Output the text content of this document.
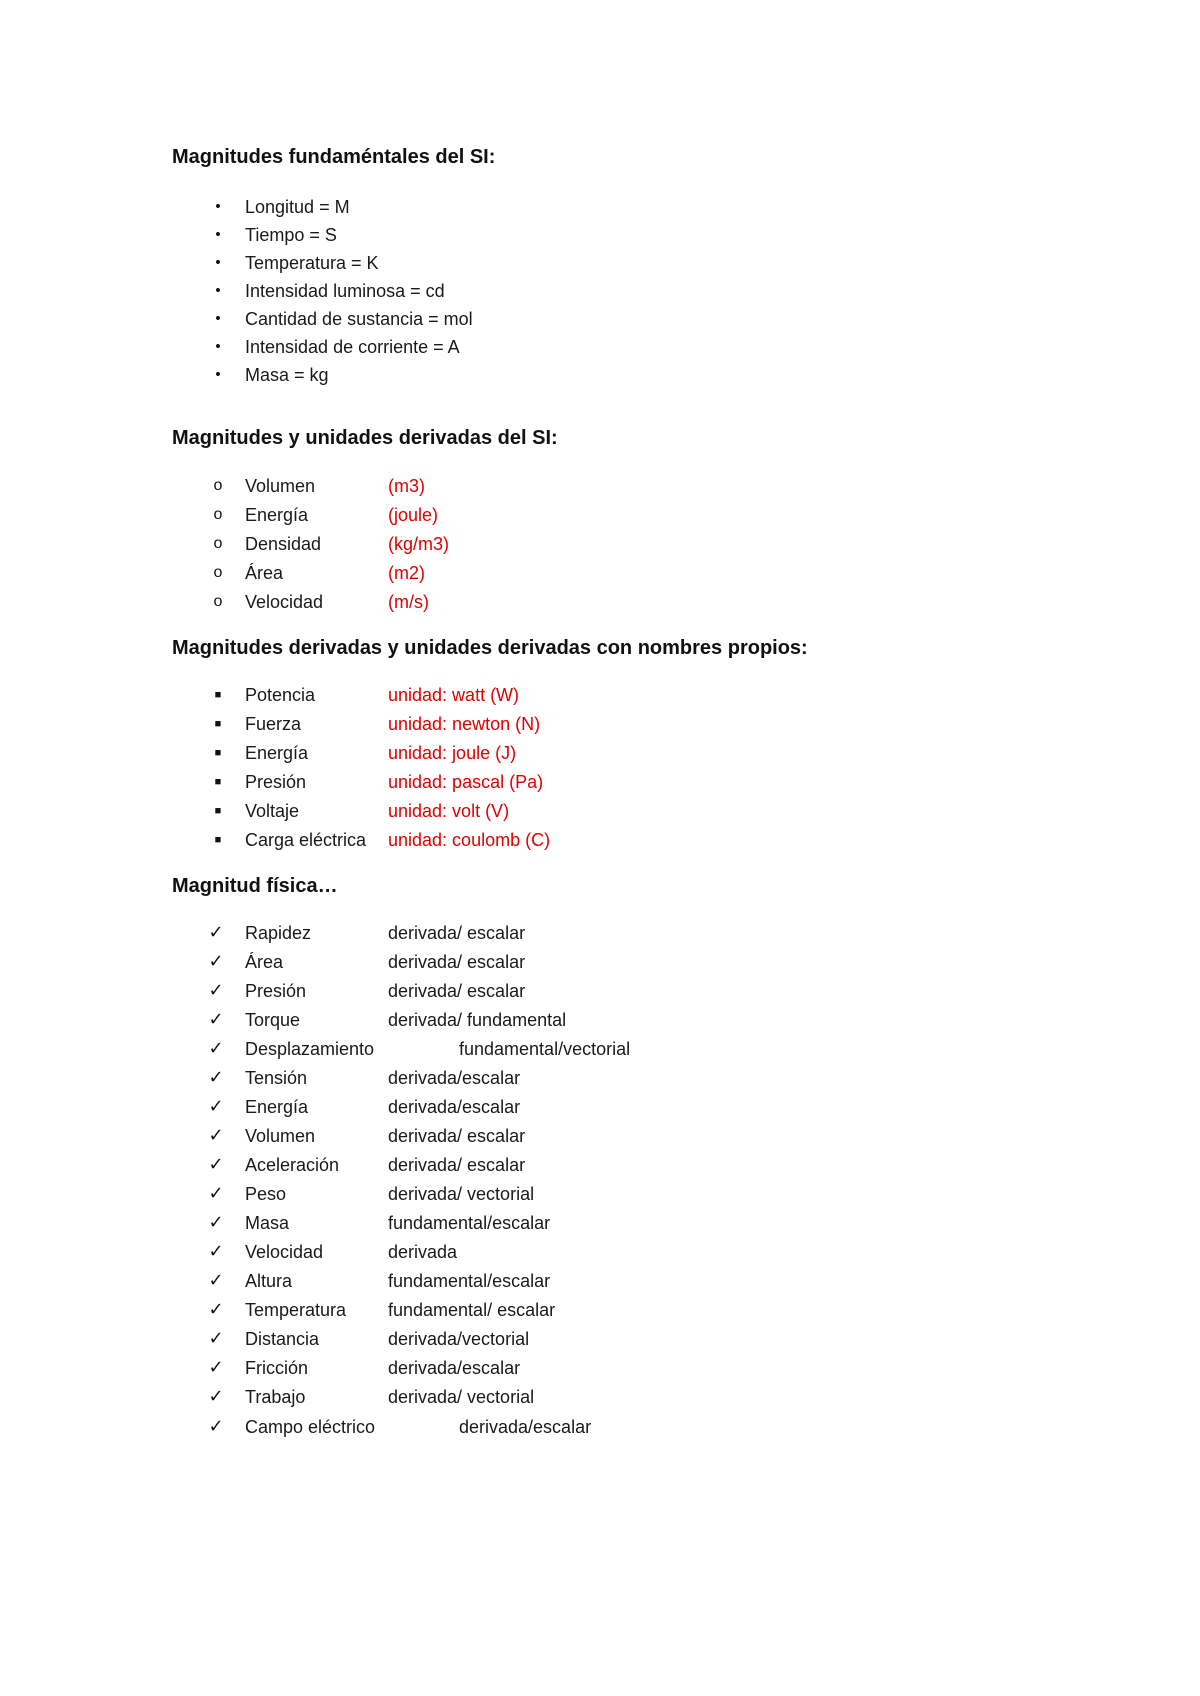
Magnitudes fundaméntales del SI:
• Longitud = M
• Tiempo = S
• Temperatura = K
• Intensidad luminosa = cd
• Cantidad de sustancia = mol
• Intensidad de corriente = A
• Masa = kg
Magnitudes y unidades derivadas del SI:
o Volumen	(m3)
o Energía	(joule)
o Densidad	(kg/m3)
o Área	(m2)
o Velocidad	(m/s)
Magnitudes derivadas y unidades derivadas con nombres propios:
■ Potencia	unidad: watt (W)
■ Fuerza	unidad: newton (N)
■ Energía	unidad: joule (J)
■ Presión	unidad: pascal (Pa)
■ Voltaje	unidad: volt (V)
■ Carga eléctrica unidad: coulomb (C)
Magnitud física…
✓ Rapidez	derivada/ escalar
✓ Área	derivada/ escalar
✓ Presión	derivada/ escalar
✓ Torque	derivada/ fundamental
✓ Desplazamiento	fundamental/vectorial
✓ Tensión	derivada/escalar
✓ Energía	derivada/escalar
✓ Volumen	derivada/ escalar
✓ Aceleración	derivada/ escalar
✓ Peso	derivada/ vectorial
✓ Masa	fundamental/escalar
✓ Velocidad	derivada
✓ Altura	fundamental/escalar
✓ Temperatura fundamental/ escalar
✓ Distancia	derivada/vectorial
✓ Fricción	derivada/escalar
✓ Trabajo	derivada/ vectorial
✓ Campo eléctrico	derivada/escalar
